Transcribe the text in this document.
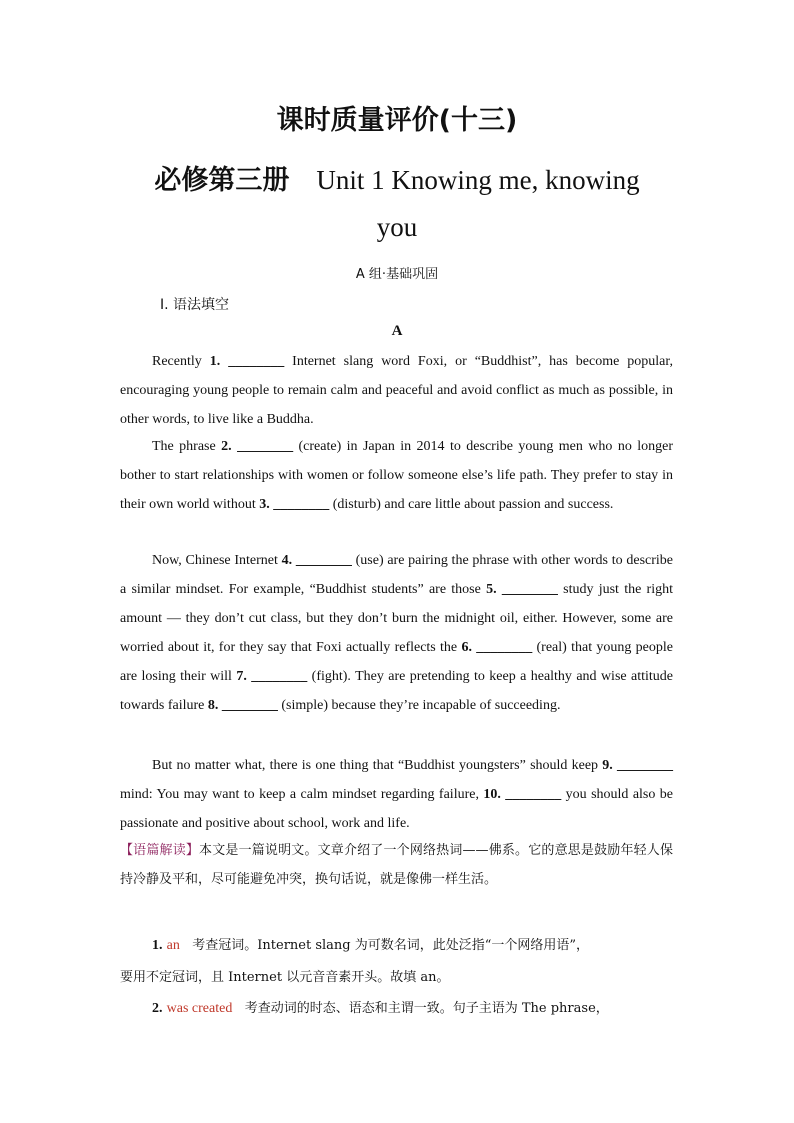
课时质量评价(十三)
必修第三册 Unit 1 Knowing me, knowing
you
A 组·基础巩固
Ⅰ. 语法填空
A
Recently 1. ________ Internet slang word Foxi, or “Buddhist”, has become popular, encouraging young people to remain calm and peaceful and avoid conflict as much as possible, in other words, to live like a Buddha.
The phrase 2. ________ (create) in Japan in 2014 to describe young men who no longer bother to start relationships with women or follow someone else’s life path. They prefer to stay in their own world without 3. ________ (disturb) and care little about passion and success.
Now, Chinese Internet 4. ________ (use) are pairing the phrase with other words to describe a similar mindset. For example, “Buddhist students” are those 5. ________ study just the right amount — they don’t cut class, but they don’t burn the midnight oil, either. However, some are worried about it, for they say that Foxi actually reflects the 6. ________ (real) that young people are losing their will 7. ________ (fight). They are pretending to keep a healthy and wise attitude towards failure 8. ________ (simple) because they’re incapable of succeeding.
But no matter what, there is one thing that “Buddhist youngsters” should keep 9. ________ mind: You may want to keep a calm mindset regarding failure, 10. ________ you should also be passionate and positive about school, work and life.
【语篇解读】本文是一篇说明文。文章介绍了一个网络热词——佛系。它的意思是鼓励年轻人保持冷静及平和，尽可能避免冲突，换句话说，就是像佛一样生活。
1. an 考查冠词。Internet slang 为可数名词，此处泛指“一个网络用语”，
要用不定冠词，且 Internet 以元音音素开头。故填 an。
2. was created 考查动词的时态、语态和主谓一致。句子主语为 The phrase，
